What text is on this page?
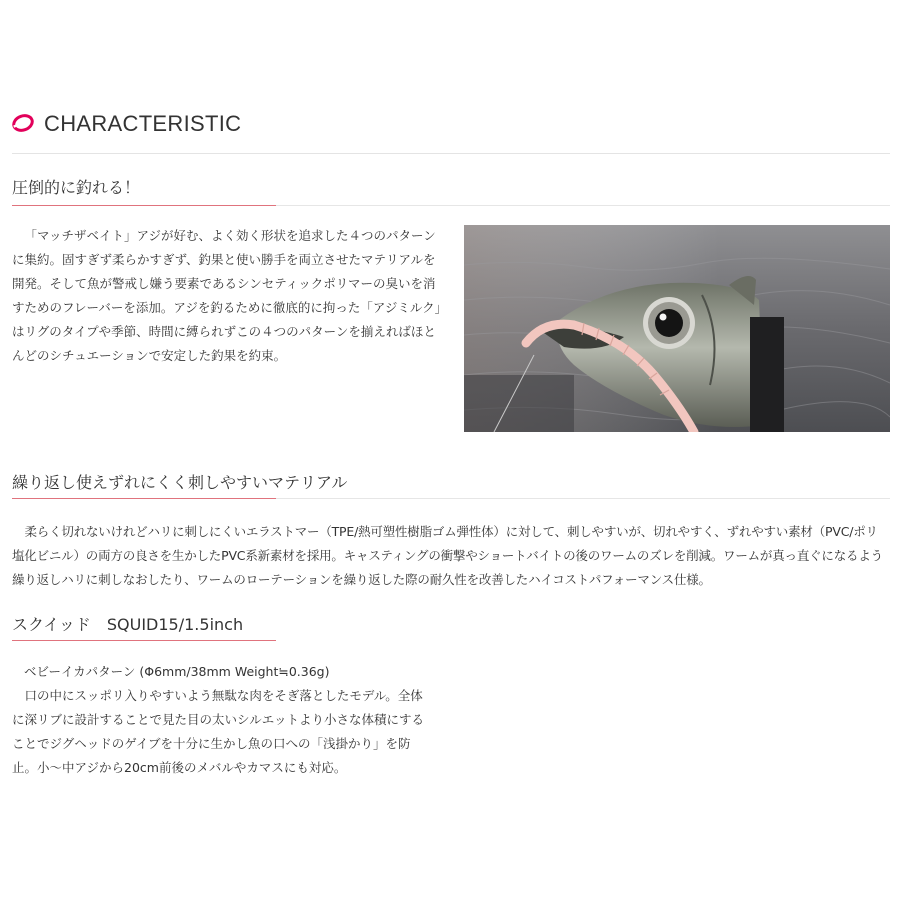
CHARACTERISTIC
圧倒的に釣れる！
「マッチザベイト」アジが好む、よく効く形状を追求した４つのパターンに集約。固すぎず柔らかすぎず、釣果と使い勝手を両立させたマテリアルを開発。そして魚が警戒し嫌う要素であるシンセティックポリマーの臭いを消すためのフレーバーを添加。アジを釣るために徹底的に拘った「アジミルク」はリグのタイプや季節、時間に縛られずこの４つのパターンを揃えればほとんどのシチュエーションで安定した釣果を約束。
繰り返し使えずれにくく刺しやすいマテリアル
柔らく切れないけれどハリに刺しにくいエラストマー（TPE/熱可塑性樹脂ゴム弾性体）に対して、刺しやすいが、切れやすく、ずれやすい素材（PVC/ポリ塩化ビニル）の両方の良さを生かしたPVC系新素材を採用。キャスティングの衝撃やショートバイトの後のワームのズレを削減。ワームが真っ直ぐになるよう繰り返しハリに刺しなおしたり、ワームのローテーションを繰り返した際の耐久性を改善したハイコストパフォーマンス仕様。
スクイッド　SQUID15/1.5inch
ベビーイカパターン (Φ6mm/38mm Weight≒0.36g)
口の中にスッポリ入りやすいよう無駄な肉をそぎ落としたモデル。全体に深リブに設計することで見た目の太いシルエットより小さな体積にすることでジグヘッドのゲイブを十分に生かし魚の口への「浅掛かり」を防止。小～中アジから20cm前後のメバルやカマスにも対応。
